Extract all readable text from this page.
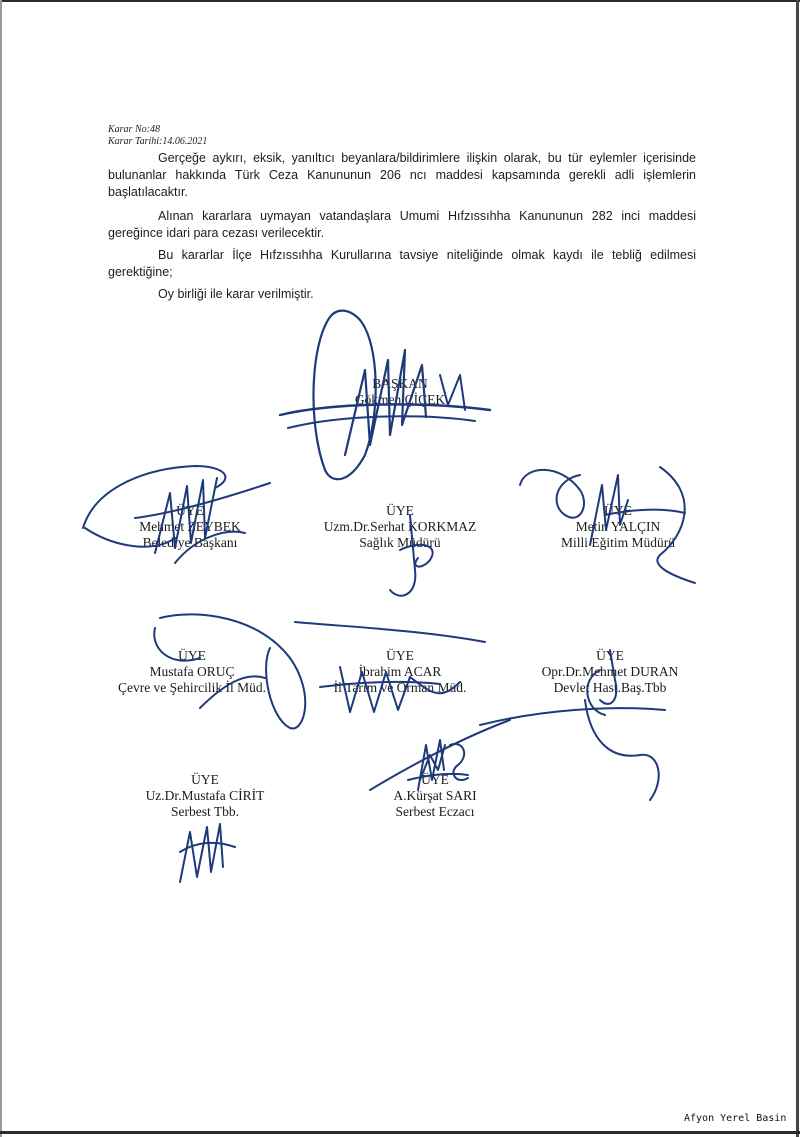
Karar No:48
Karar Tarihi:14.06.2021

Gerçeğe aykırı, eksik, yanıltıcı beyanlara/bildirimlere ilişkin olarak, bu tür eylemler içerisinde bulunanlar hakkında Türk Ceza Kanununun 206 ncı maddesi kapsamında gerekli adli işlemlerin başlatılacaktır.

Alınan kararlara uymayan vatandaşlara Umumi Hıfzıssıhha Kanununun 282 inci maddesi gereğince idari para cezası verilecektir.

Bu kararlar İlçe Hıfzıssıhha Kurullarına tavsiye niteliğinde olmak kaydı ile tebliğ edilmesi gerektiğine;

Oy birliği ile karar verilmiştir.

BAŞKAN
Gökmen ÇİÇEK
ÜYE
Mehmet ZEYBEK
Belediye Başkanı
ÜYE
Uzm.Dr.Serhat KORKMAZ
Sağlık Müdürü
ÜYE
Metin YALÇIN
Milli Eğitim Müdürü
ÜYE
Mustafa ORUÇ
Çevre ve Şehircilik İl Müd.
ÜYE
İbrahim ACAR
İl Tarım ve Orman Müd.
ÜYE
Opr.Dr.Mehmet DURAN
Devlet Hast.Baş.Tbb
ÜYE
Uz.Dr.Mustafa CİRİT
Serbest Tbb.
ÜYE
A.Kürşat SARI
Serbest Eczacı
Afyon Yerel Basin
